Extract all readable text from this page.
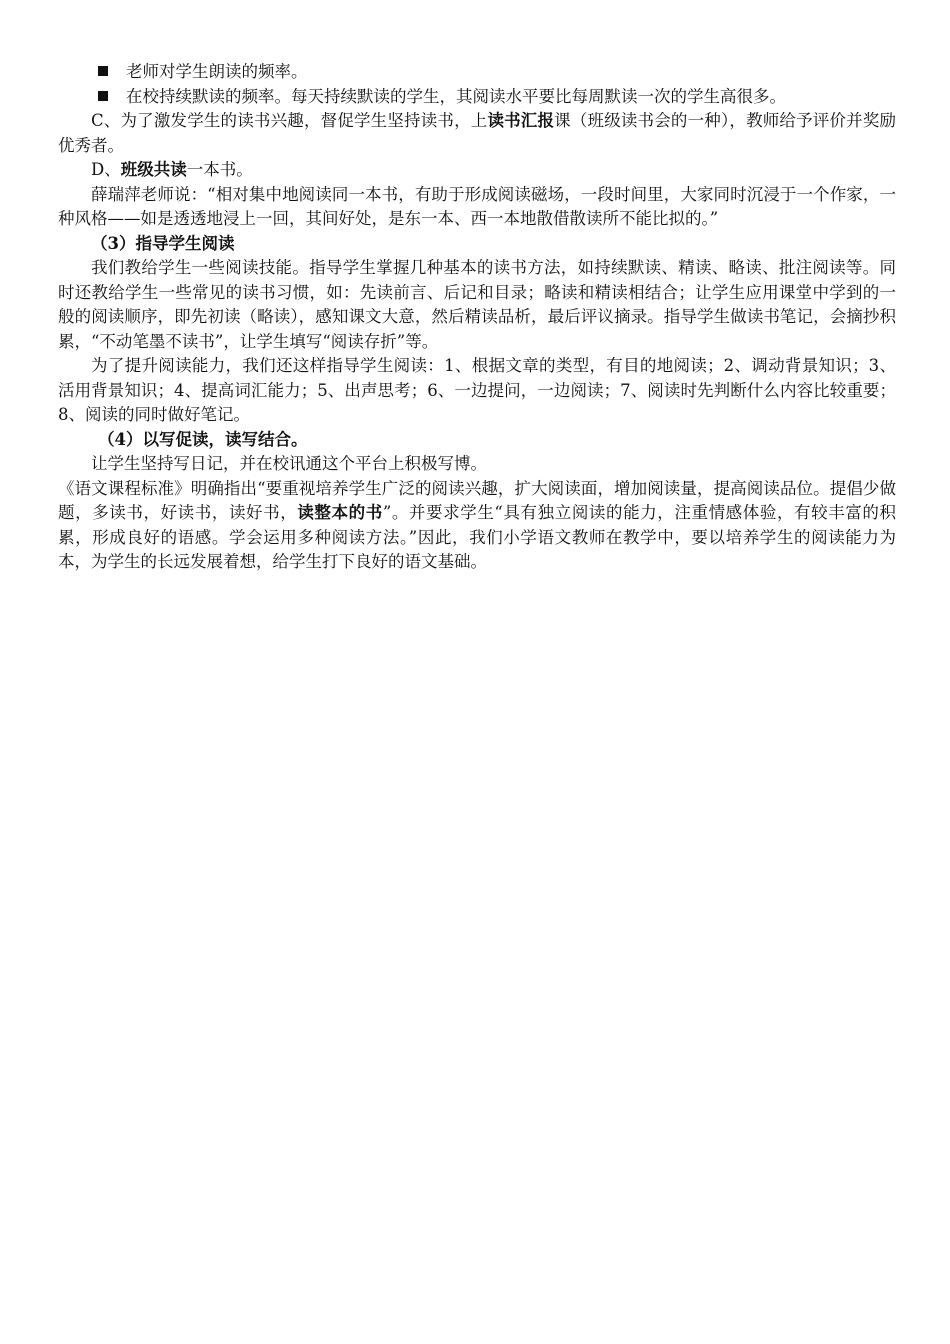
老师对学生朗读的频率。
在校持续默读的频率。每天持续默读的学生，其阅读水平要比每周默读一次的学生高很多。

C、为了激发学生的读书兴趣，督促学生坚持读书，上读书汇报课（班级读书会的一种），教师给予评价并奖励优秀者。

D、班级共读一本书。

薛瑞萍老师说：“相对集中地阅读同一本书，有助于形成阅读磁场，一段时间里，大家同时沉浸于一个作家，一种风格——如是透透地浸上一回，其间好处，是东一本、西一本地散借散读所不能比拟的。”

（3）指导学生阅读

我们教给学生一些阅读技能。指导学生掌握几种基本的读书方法，如持续默读、精读、略读、批注阅读等。同时还教给学生一些常见的读书习惯，如：先读前言、后记和目录；略读和精读相结合；让学生应用课堂中学到的一般的阅读顺序，即先初读（略读），感知课文大意，然后精读品析，最后评议摘录。指导学生做读书笔记，会摘抄积累，“不动笔墨不读书”，让学生填写“阅读存折”等。

为了提升阅读能力，我们还这样指导学生阅读：1、根据文章的类型，有目的地阅读；2、调动背景知识；3、活用背景知识；4、提高词汇能力；5、出声思考；6、一边提问，一边阅读；7、阅读时先判断什么内容比较重要；8、阅读的同时做好笔记。

（4）以写促读，读写结合。

让学生坚持写日记，并在校讯通这个平台上积极写博。

《语文课程标准》明确指出“要重视培养学生广泛的阅读兴趣，扩大阅读面，增加阅读量，提高阅读品位。提倡少做题，多读书，好读书，读好书，读整本的书”。并要求学生“具有独立阅读的能力，注重情感体验，有较丰富的积累，形成良好的语感。学会运用多种阅读方法。”因此，我们小学语文教师在教学中，要以培养学生的阅读能力为本，为学生的长远发展着想，给学生打下良好的语文基础。
